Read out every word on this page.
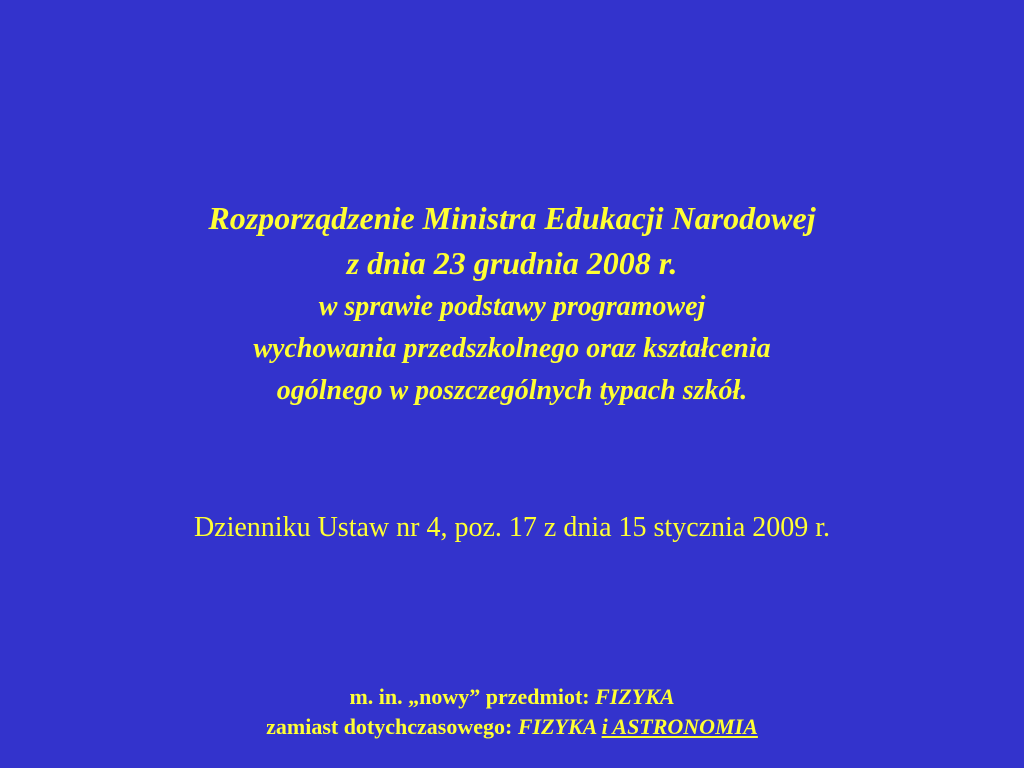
Rozporządzenie Ministra Edukacji Narodowej
z dnia 23 grudnia 2008 r.
w sprawie podstawy programowej
wychowania przedszkolnego oraz kształcenia
ogólnego w poszczególnych typach szkół.
Dzienniku Ustaw nr 4, poz. 17 z dnia 15 stycznia 2009 r.
m. in. „nowy” przedmiot: FIZYKA
zamiast dotychczasowego: FIZYKA i ASTRONOMIA
